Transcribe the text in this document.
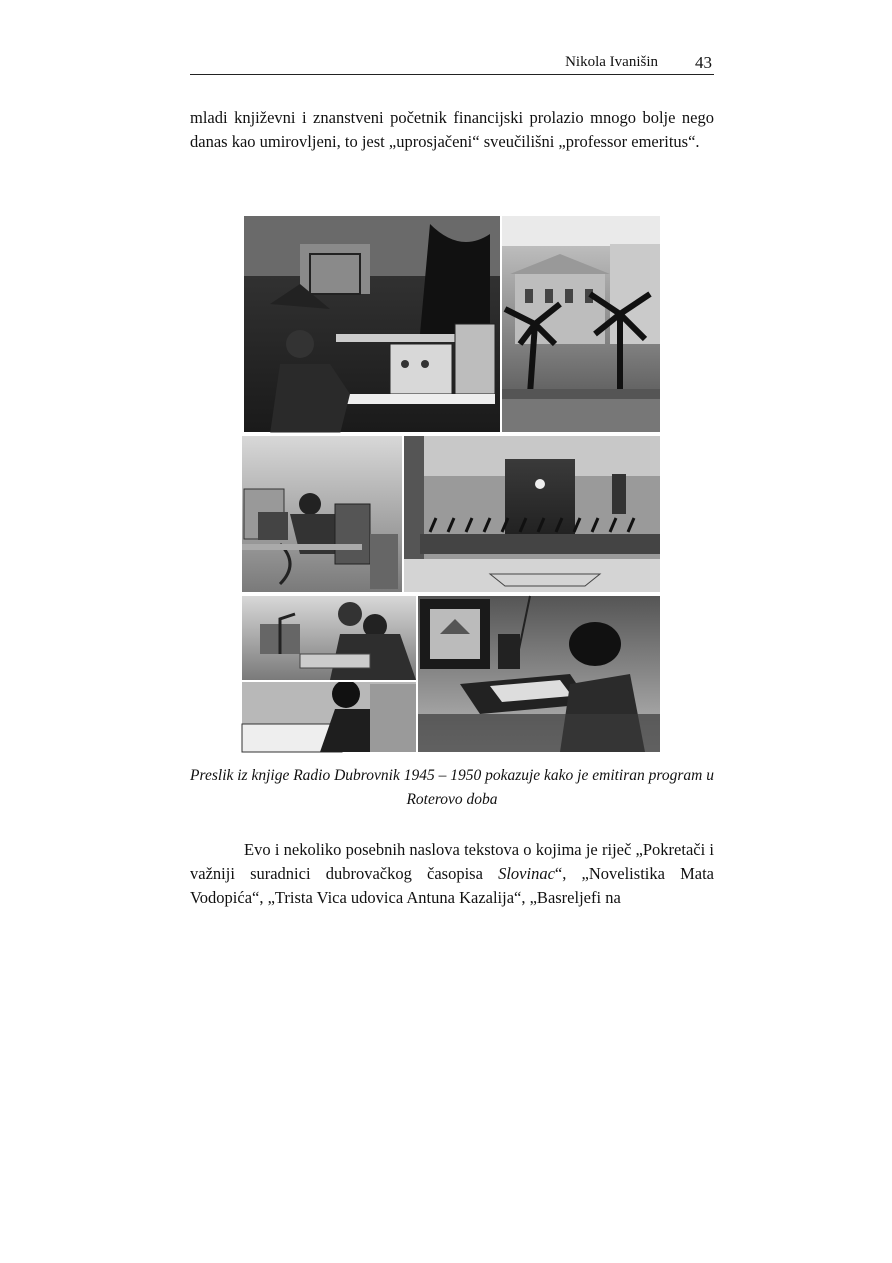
Nikola Ivanišin 43

mladi književni i znanstveni početnik financijski prolazio mnogo bolje nego danas kao umirovljeni, to jest „uprosjačeni“ sveučilišni „professor emeritus“.

Preslik iz knjige Radio Dubrovnik 1945 – 1950 pokazuje kako je emitiran program u Roterovo doba

Evo i nekoliko posebnih naslova tekstova o kojima je riječ „Pokretači i važniji suradnici dubrovačkog časopisa Slovinac“, „Novelistika Mata Vodopića“, „Trista Vica udovica Antuna Kazalija“, „Basreljefi na
